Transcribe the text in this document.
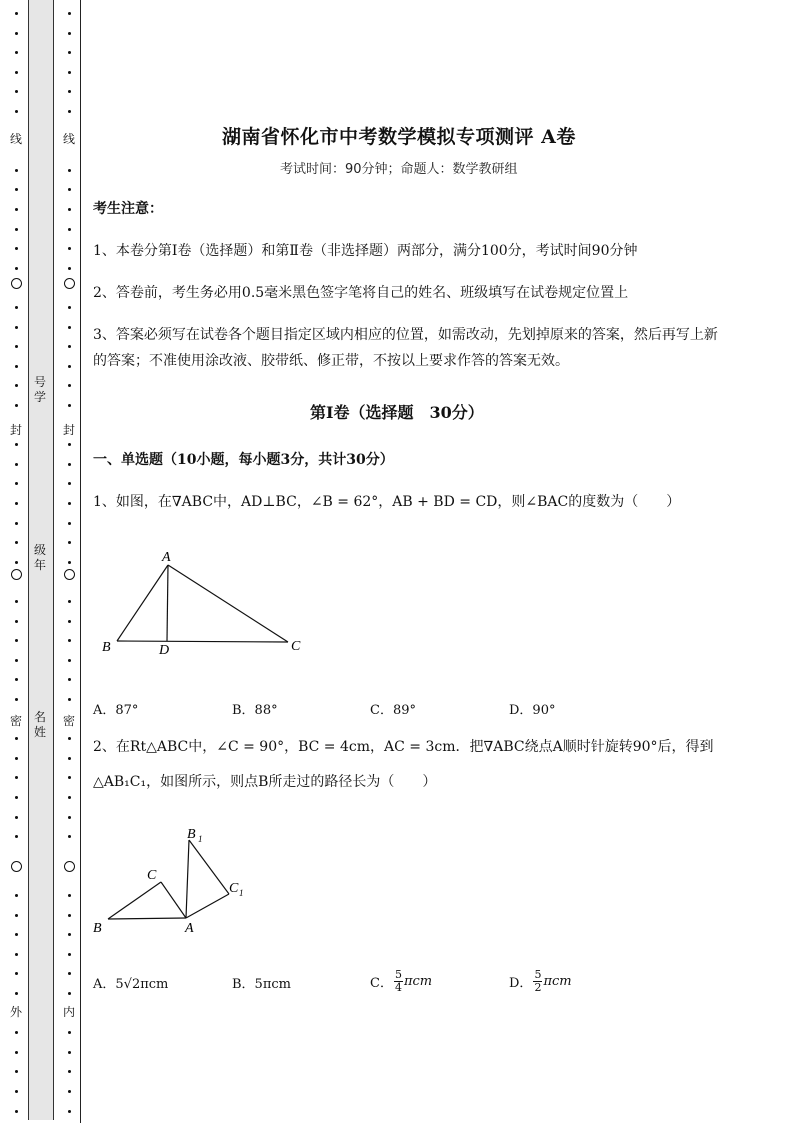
线
封
密
外
线
封
密
内
号
学
级
年
名
姓
湖南省怀化市中考数学模拟专项测评 A卷
考试时间：90分钟；命题人：数学教研组
考生注意：
1、本卷分第I卷（选择题）和第Ⅱ卷（非选择题）两部分，满分100分，考试时间90分钟
2、答卷前，考生务必用0.5毫米黑色签字笔将自己的姓名、班级填写在试卷规定位置上
3、答案必须写在试卷各个题目指定区域内相应的位置，如需改动，先划掉原来的答案，然后再写上新
的答案；不准使用涂改液、胶带纸、修正带，不按以上要求作答的答案无效。
第I卷（选择题　30分）
一、单选题（10小题，每小题3分，共计30分）
1、如图，在∇ABC中，AD⊥BC，∠B = 62°，AB + BD = CD，则∠BAC的度数为（　　）
A
B	D	C
A．87°	B．88°	C．89°	D．90°
2、在Rt△ABC中，∠C = 90°，BC = 4cm，AC = 3cm．把∇ABC绕点A顺时针旋转90°后，得到
△AB₁C₁，如图所示，则点B所走过的路径长为（　　）
B
C
A
B 1
C 1
A．5√2πcm	B．5πcm	C． $\frac{5}{4}$ πcm	D． $\frac{5}{2}$ πcm
